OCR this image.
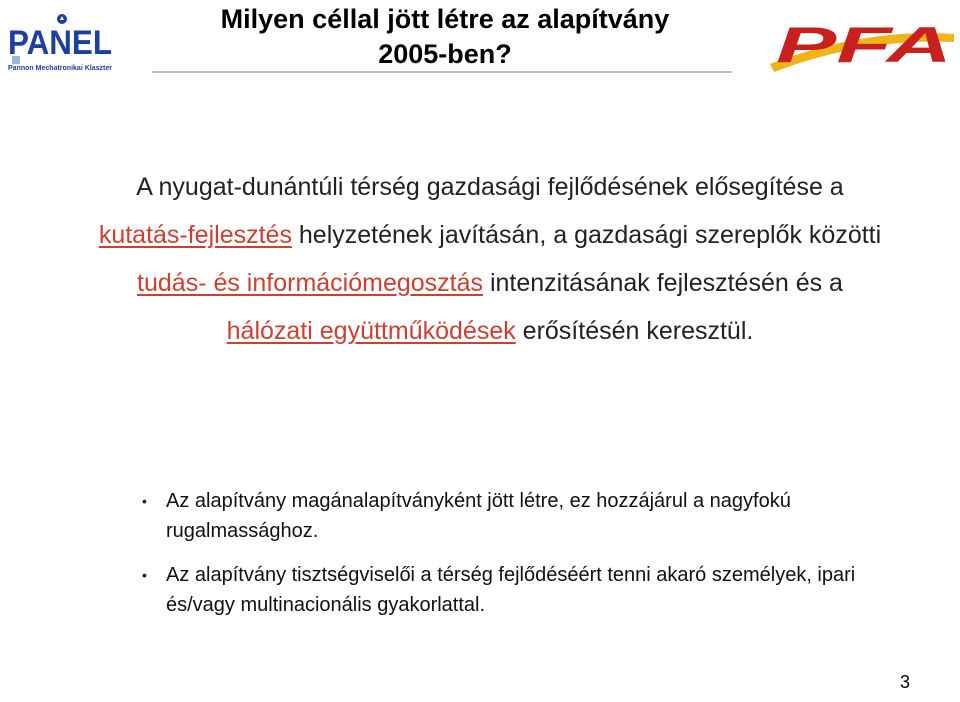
PANEL
Pannon Mechatronikai Klaszter
Milyen céllal jött létre az alapítvány
2005-ben?	PFA
A nyugat-dunántúli térség gazdasági fejlődésének elősegítése a kutatás-fejlesztés helyzetének javításán, a gazdasági szereplők közötti tudás- és információmegosztás intenzitásának fejlesztésén és a hálózati együttműködések erősítésén keresztül.
• Az alapítvány magánalapítványként jött létre, ez hozzájárul a nagyfokú rugalmassághoz.
• Az alapítvány tisztségviselői a térség fejlődéséért tenni akaró személyek, ipari és/vagy multinacionális gyakorlattal.
3
